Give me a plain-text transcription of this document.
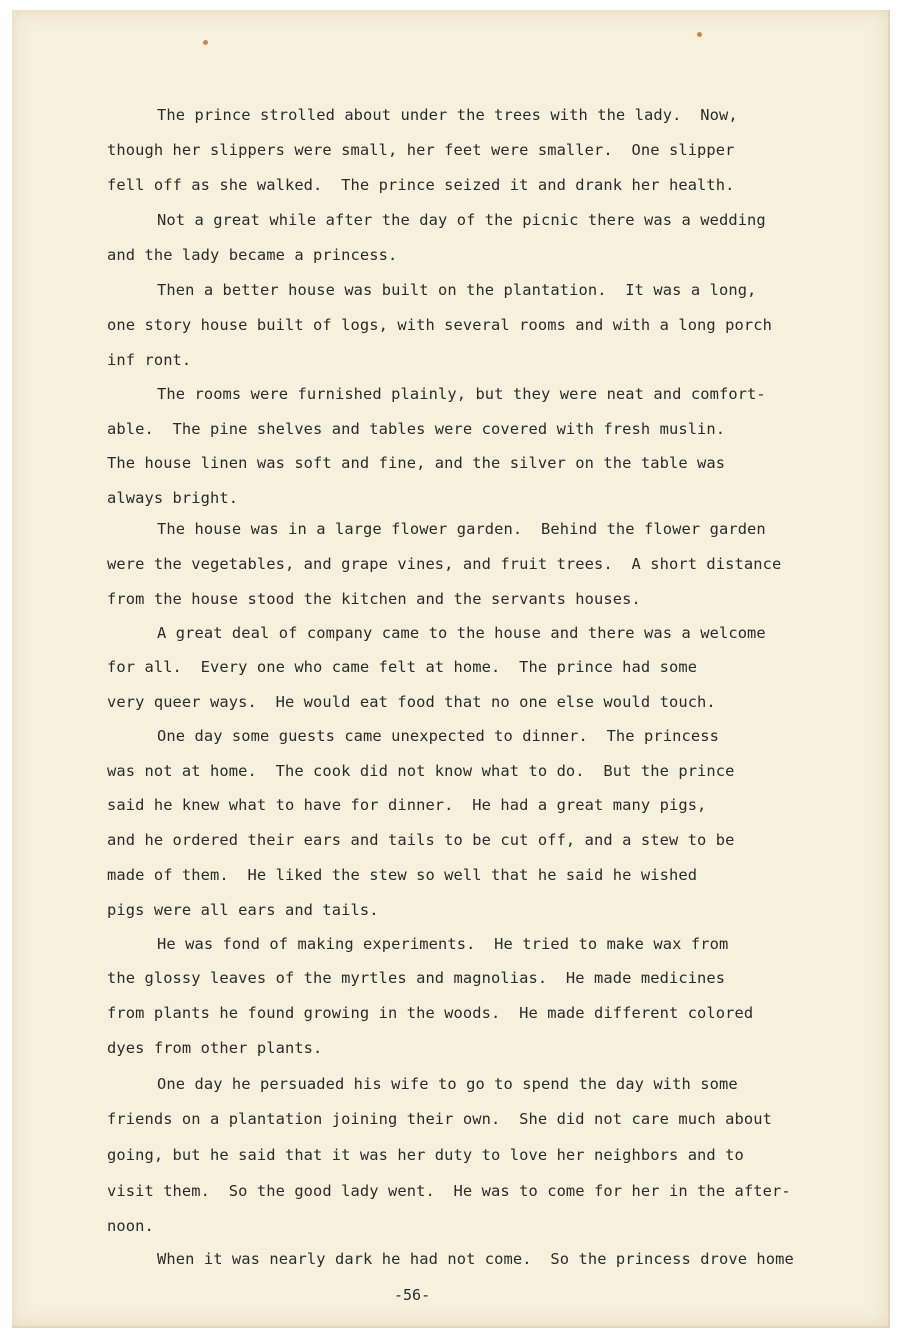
The prince strolled about under the trees with the lady.  Now,
though her slippers were small, her feet were smaller.  One slipper
fell off as she walked.  The prince seized it and drank her health.
Not a great while after the day of the picnic there was a wedding
and the lady became a princess.
Then a better house was built on the plantation.  It was a long,
one story house built of logs, with several rooms and with a long porch
inf ront.
The rooms were furnished plainly, but they were neat and comfort-
able.  The pine shelves and tables were covered with fresh muslin.
The house linen was soft and fine, and the silver on the table was
always bright.
The house was in a large flower garden.  Behind the flower garden
were the vegetables, and grape vines, and fruit trees.  A short distance
from the house stood the kitchen and the servants houses.
A great deal of company came to the house and there was a welcome
for all.  Every one who came felt at home.  The prince had some
very queer ways.  He would eat food that no one else would touch.
One day some guests came unexpected to dinner.  The princess
was not at home.  The cook did not know what to do.  But the prince
said he knew what to have for dinner.  He had a great many pigs,
and he ordered their ears and tails to be cut off, and a stew to be
made of them.  He liked the stew so well that he said he wished
pigs were all ears and tails.
He was fond of making experiments.  He tried to make wax from
the glossy leaves of the myrtles and magnolias.  He made medicines
from plants he found growing in the woods.  He made different colored
dyes from other plants.
One day he persuaded his wife to go to spend the day with some
friends on a plantation joining their own.  She did not care much about
going, but he said that it was her duty to love her neighbors and to
visit them.  So the good lady went.  He was to come for her in the after-
noon.
When it was nearly dark he had not come.  So the princess drove home
-56-
